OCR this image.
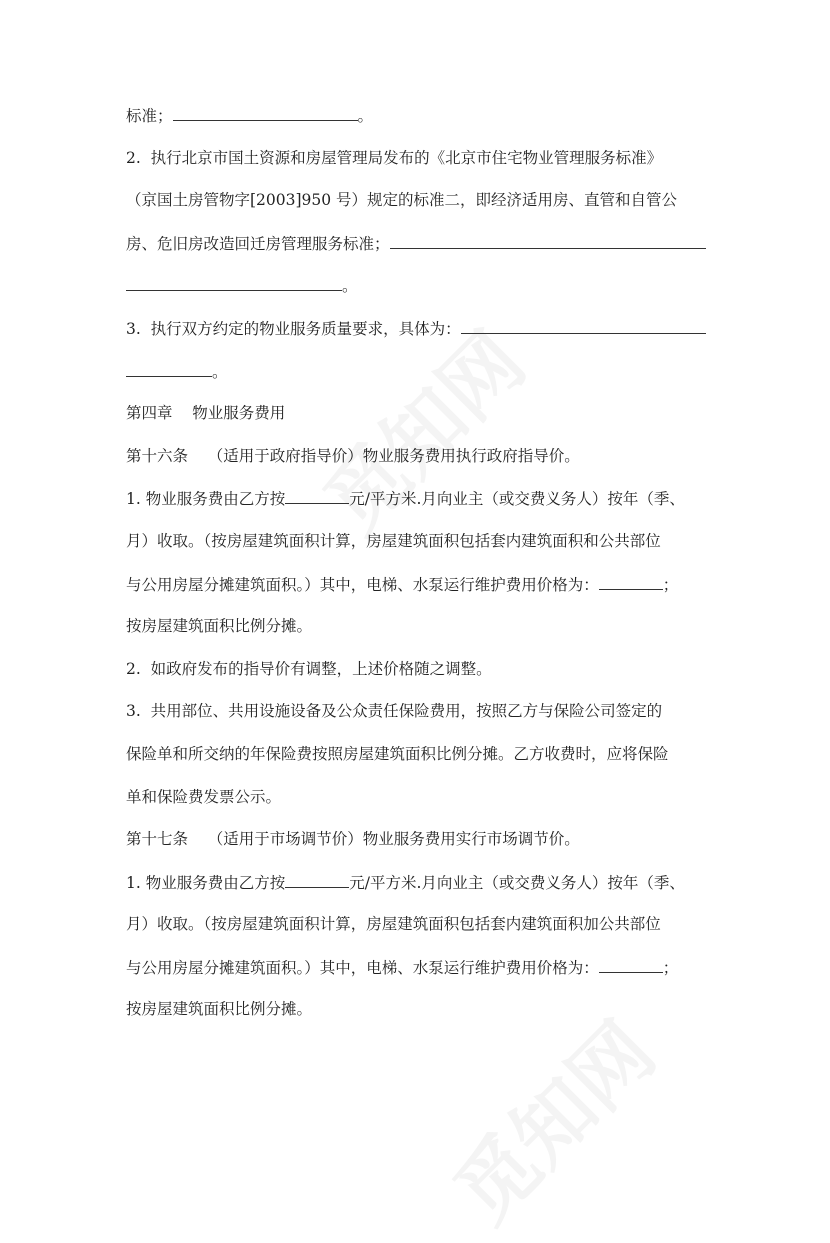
标准；	。
2.  执行北京市国土资源和房屋管理局发布的《北京市住宅物业管理服务标准》
（京国土房管物字[2003]950 号）规定的标准二，即经济适用房、直管和自管公
房、危旧房改造回迁房管理服务标准；
。
3.  执行双方约定的物业服务质量要求，具体为：
。
第四章    物业服务费用
第十六条    （适用于政府指导价）物业服务费用执行政府指导价。
1. 物业服务费由乙方按	元/平方米.月向业主（或交费义务人）按年（季、
月）收取。（按房屋建筑面积计算，房屋建筑面积包括套内建筑面积和公共部位
与公用房屋分摊建筑面积。）其中，电梯、水泵运行维护费用价格为：	；
按房屋建筑面积比例分摊。
2.  如政府发布的指导价有调整，上述价格随之调整。
3.  共用部位、共用设施设备及公众责任保险费用，按照乙方与保险公司签定的
保险单和所交纳的年保险费按照房屋建筑面积比例分摊。乙方收费时，应将保险
单和保险费发票公示。
第十七条    （适用于市场调节价）物业服务费用实行市场调节价。
1. 物业服务费由乙方按	元/平方米.月向业主（或交费义务人）按年（季、
月）收取。（按房屋建筑面积计算，房屋建筑面积包括套内建筑面积加公共部位
与公用房屋分摊建筑面积。）其中，电梯、水泵运行维护费用价格为：	；
按房屋建筑面积比例分摊。
